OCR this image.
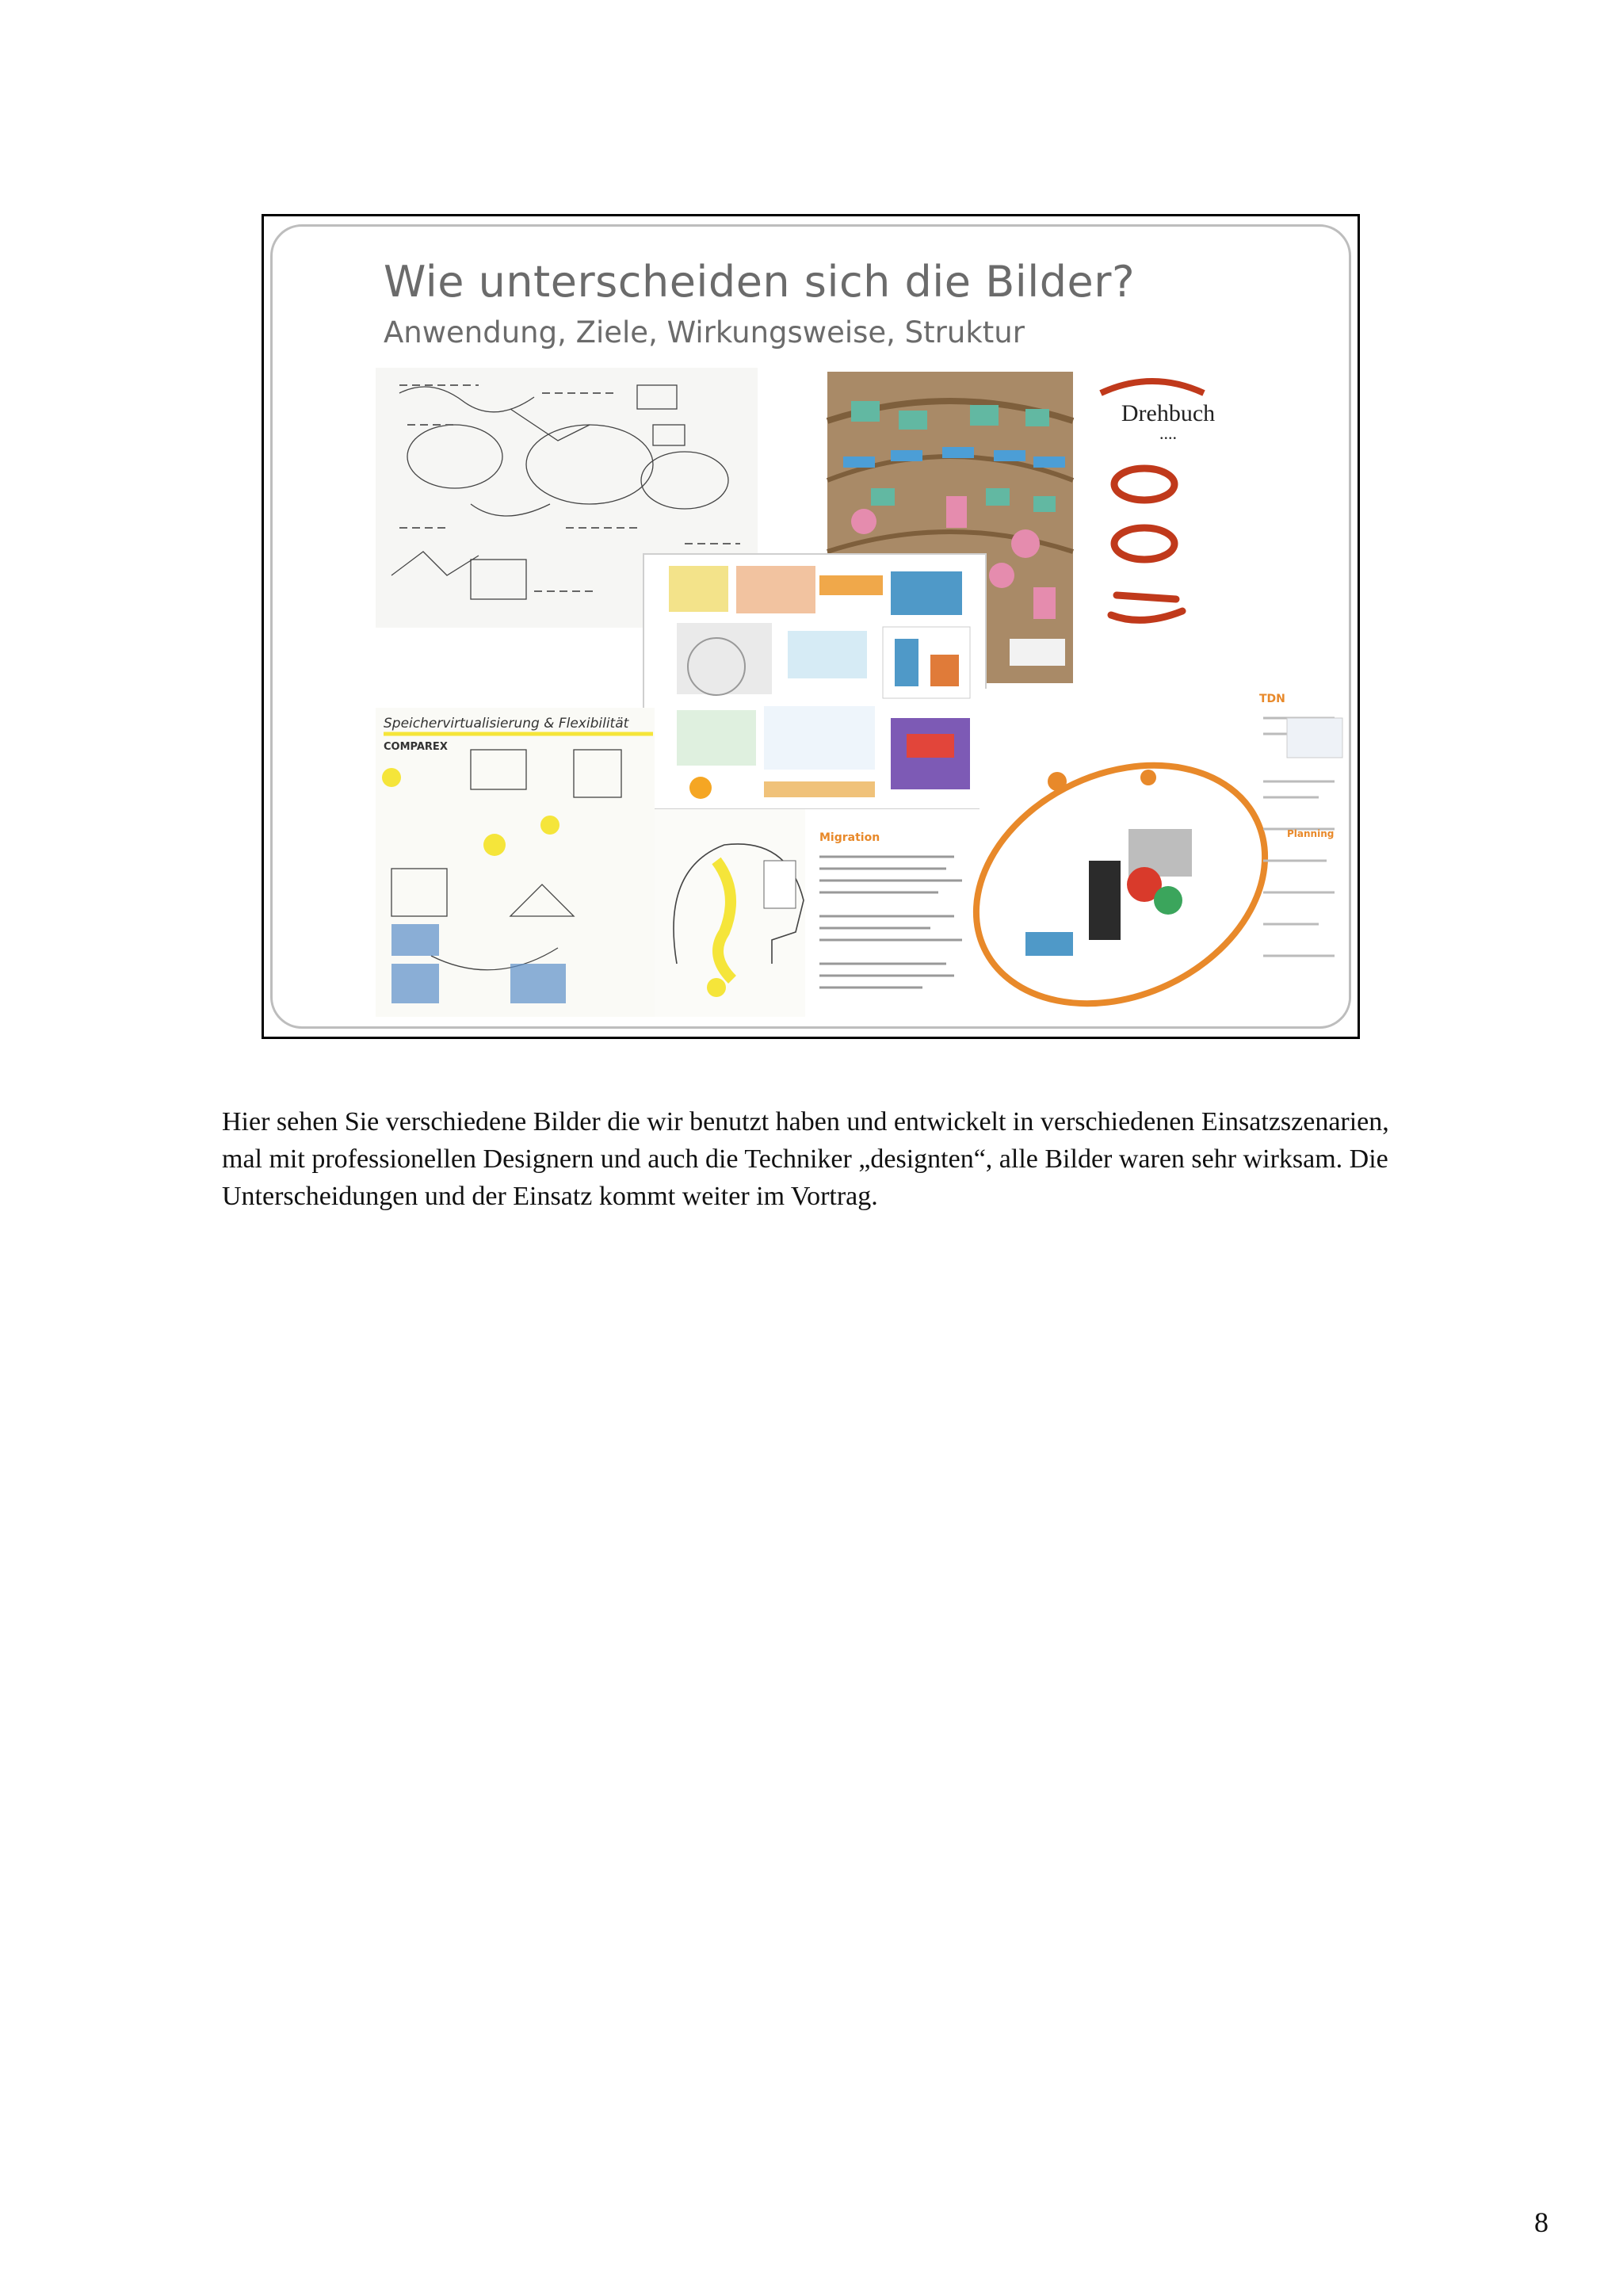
Wie unterscheiden sich die Bilder?
Anwendung, Ziele, Wirkungsweise, Struktur
Drehbuch
....
Speichervirtualisierung & Flexibilität
COMPAREX
Migration	Planning
TDN

Hier sehen Sie verschiedene Bilder die wir benutzt haben und entwickelt in verschiedenen Einsatzszenarien, mal mit professionellen Designern und auch die Techniker „designten“, alle Bilder waren sehr wirksam. Die Unterscheidungen und der Einsatz kommt weiter im Vortrag.

8
